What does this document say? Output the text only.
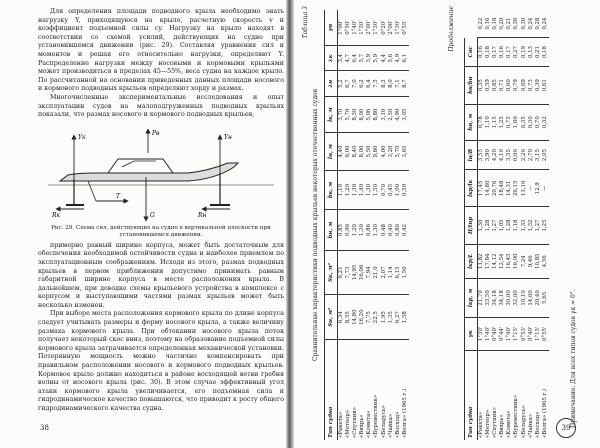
Для определения площади подводного крыла необходимо знать нагрузку Y, приходящуюся на крыло, расчетную скорость v и коэффициент подъемной силы cy. Нагрузку на крыло находят в соответствии со схемой усилий, действующих на судно при установившемся движении (рис. 29). Составляя уравнения сил и моментов и решая его относительно нагрузки, определяют Y. Распределение нагрузки между носовыми и кормовыми крыльями может производиться в пределах 45—55%, веса судна на каждое крыло. По рассчитанной на основании приведенных данных площади носового и кормового подводных крыльев определяют хорду и размах.

Многочисленные экспериментальные исследования и опыт эксплуатации судов на малоподгруженных подводных крыльях показали, что размах носового и кормового подводных крыльев,

Yк	Yн
Рв
G
Т
Rн
Rк
Рис. 29. Схема сил, действующих на судно в вертикальной плоскости при установившемся движении.

примерно равный ширине корпуса, может быть достаточным для обеспечения необходимой остойчивости судна и наиболее приемлем по эксплуатационным соображениям. Исходя из этого, размах подводных крыльев в первом приближении допустимо принимать равным габаритной ширине корпуса в месте расположения крыла. В дальнейшем, при доводке схемы крыльевого устройства в комплексе с корпусом и выступающими частями размах крыльев может быть несколько изменен.

При выборе места расположения кормового крыла по длине корпуса следует учитывать размеры и форму носового крыла, а также величину размаха кормового крыла. При обтекании носового крыла поток получает некоторый скос вниз, поэтому на образование подъемной силы кормового крыла затрачивается определенная механической установки. Потерянную мощность можно частично компенсировать при правильном расположении носового и кормового подводных крыльев. Кормовое крыло должно находиться в районе восходящей ветви гребня волны от носового крыла (рис. 30). В этом случае эффективный угол атаки кормового крыла увеличивается, его подъемная сила и гидродинамическое качество повышаются, что приводит к росту общего гидродинамического качества судна.

38
Таблица 3
Сравнительные характеристики подводных крыльев некоторых отечественных судов
Тип судна	Sн, м²	Sк, м²	bн, м	bк, м	lн, м	lк, м	λн	λк	γн
«Ракета»	6,34	6,21	0,85	1,10	4,40	3,70	5,2	3,4	1°00'
«Метеор»	8,55	7,73	0,90	1,20	6,00	5,70	6,7	4,7	0°50'
«Спутник»	14,80	14,95	1,20	1,30	8,40	8,30	7,0	6,4	1°40'
«Вихрь»	16,20	16,06	1,30	1,40	8,00	8,00	6,2	5,7	1°30'
«Комета»	7,75	7,94	0,86	1,30	5,50	5,06	6,4	3,9	2°00'
«Буревестник»	22,5	21,0	1,30	1,50	9,80	8,80	7,5	5,9	1°30'
«Беларусь»	1,95	2,07	0,48	0,70	4,00	3,10	8,3	4,4	0°20'
«Чайка»	1,35	1,14	0,40	0,45	3,20	2,50	8,0	5,6	2°00'
«Восход»	6,27	6,15	0,80	1,00	5,70	4,90	7,1	4,9	1°30'
«Волга» (1965 г.)	1,58	1,50	0,42	0,50	3,65	3,05	8,7	6,1	0°55'	Продолжение
Тип судна	γк	lкр, м	lкр/L	H/tпр	lкр/lк	lн/B	hн, м	hн/bн	Cвс	
«Ракета»	1°30'	21,70	11,82	1,30	17,45	3,53	0,78	0,35	0,16	0,22
«Метеор»	1°40'	33,50	17,84	1,28	14,80	3,90	1,10	0,59	0,18	0,16
«Спутник»	0°40'	34,18	14,12	1,27	20,76	4,20	1,15	0,85	0,17	0,18
«Вихрь»	0°44'	34,18	12,54	1,05	18,48	4,10	1,25	0,71	0,16	0,20
«Комета»	1°40'	30,00	16,45	1,28	14,31	3,55	0,75	0,60	0,17	0,21
«Буревестник»	1°15'	32,00	16,00	1,18	26,15	6,00	1,60	0,79	0,27	0,36
«Беларусь»	0°53'	10,10	7,24	1,33	13,10	2,20	0,35	0,69	0,19	0,30
«Чайка»	0°40'	14,00	9,46	1,32	—	2,70	0,30	0,73	0,13	0,24
«Восход»	1°15'	20,40	10,85	1,27	12,9	3,15	0,70	0,39	0,21	0,28
«Волга» (1965 г.)	0°55'	5,65	4,56	1,25	—	2,05	0,32	0,61	0,18	0,24
Примечание. Для всех типов судов γк = 0°.
39
